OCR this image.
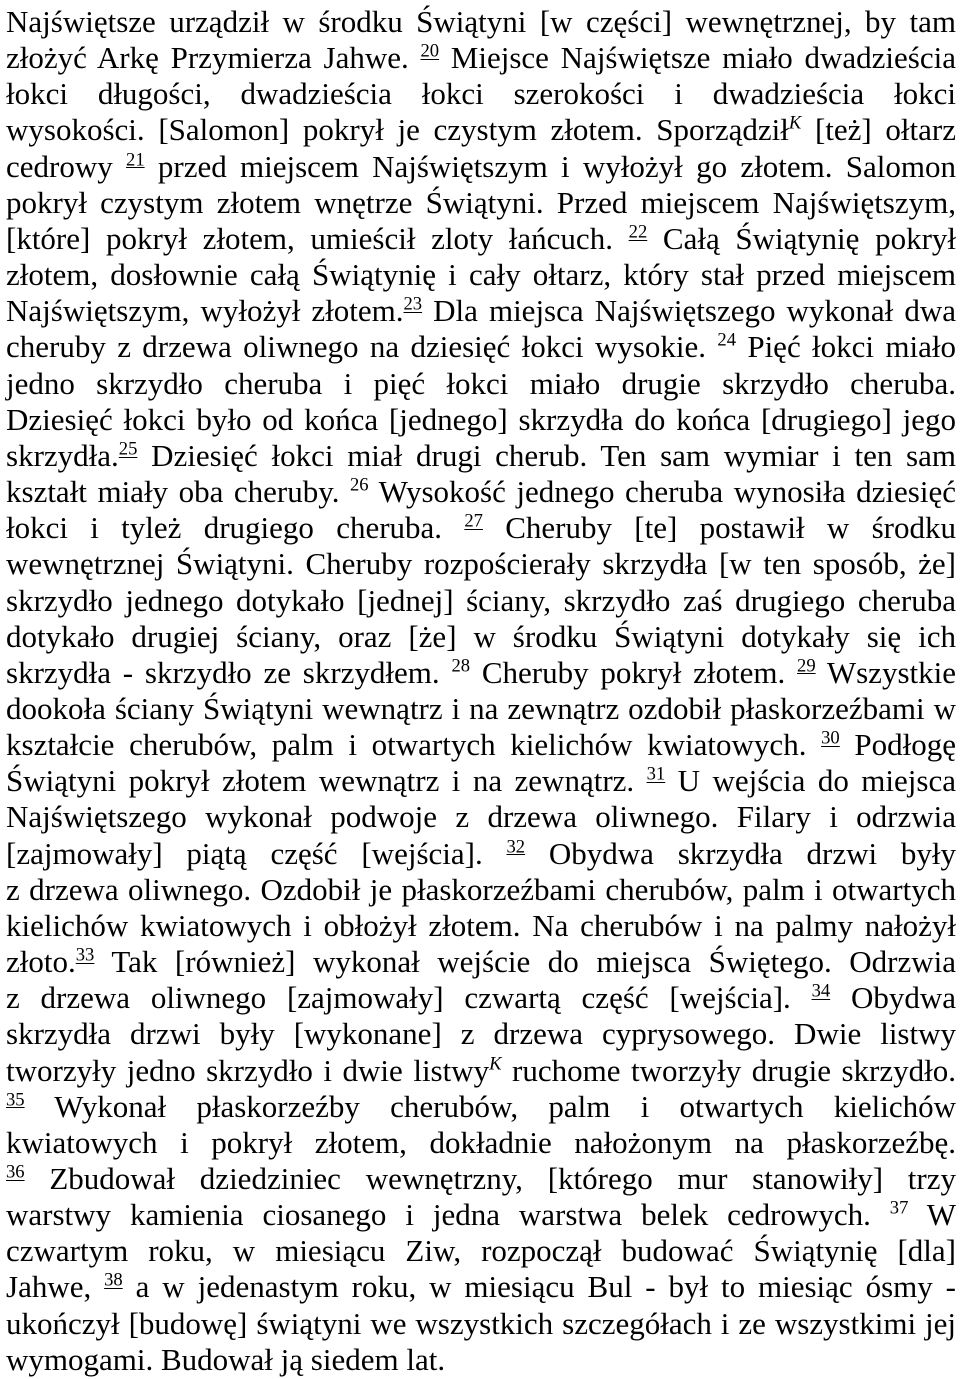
Najświętsze urządził w środku Świątyni [w części] wewnętrznej, by tam
złożyć Arkę Przymierza Jahwe. $^{20}$ Miejsce Najświętsze miało dwadzieścia
łokci długości, dwadzieścia łokci szerokości i dwadzieścia łokci
wysokości. [Salomon] pokrył je czystym złotem. Sporządził$^K$ [też] ołtarz
cedrowy $^{21}$ przed miejscem Najświętszym i wyłożył go złotem. Salomon
pokrył czystym złotem wnętrze Świątyni. Przed miejscem Najświętszym,
[które] pokrył złotem, umieścił zloty łańcuch. $^{22}$ Całą Świątynię pokrył
złotem, dosłownie całą Świątynię i cały ołtarz, który stał przed miejscem
Najświętszym, wyłożył złotem.$^{23}$ Dla miejsca Najświętszego wykonał dwa
cheruby z drzewa oliwnego na dziesięć łokci wysokie. $^{24}$ Pięć łokci miało
jedno skrzydło cheruba i pięć łokci miało drugie skrzydło cheruba.
Dziesięć łokci było od końca [jednego] skrzydła do końca [drugiego] jego
skrzydła.$^{25}$ Dziesięć łokci miał drugi cherub. Ten sam wymiar i ten sam
kształt miały oba cheruby. $^{26}$ Wysokość jednego cheruba wynosiła dziesięć
łokci i tyleż drugiego cheruba. $^{27}$ Cheruby [te] postawił w środku
wewnętrznej Świątyni. Cheruby rozpościerały skrzydła [w ten sposób, że]
skrzydło jednego dotykało [jednej] ściany, skrzydło zaś drugiego cheruba
dotykało drugiej ściany, oraz [że] w środku Świątyni dotykały się ich
skrzydła - skrzydło ze skrzydłem. $^{28}$ Cheruby pokrył złotem. $^{29}$ Wszystkie
dookoła ściany Świątyni wewnątrz i na zewnątrz ozdobił płaskorzeźbami w
kształcie cherubów, palm i otwartych kielichów kwiatowych. $^{30}$ Podłogę
Świątyni pokrył złotem wewnątrz i na zewnątrz. $^{31}$ U wejścia do miejsca
Najświętszego wykonał podwoje z drzewa oliwnego. Filary i odrzwia
[zajmowały] piątą część [wejścia]. $^{32}$ Obydwa skrzydła drzwi były
z drzewa oliwnego. Ozdobił je płaskorzeźbami cherubów, palm i otwartych
kielichów kwiatowych i obłożył złotem. Na cherubów i na palmy nałożył
złoto.$^{33}$ Tak [również] wykonał wejście do miejsca Świętego. Odrzwia
z drzewa oliwnego [zajmowały] czwartą część [wejścia]. $^{34}$ Obydwa
skrzydła drzwi były [wykonane] z drzewa cyprysowego. Dwie listwy
tworzyły jedno skrzydło i dwie listwy$^K$ ruchome tworzyły drugie skrzydło.
$^{35}$ Wykonał płaskorzeźby cherubów, palm i otwartych kielichów
kwiatowych i pokrył złotem, dokładnie nałożonym na płaskorzeźbę.
$^{36}$ Zbudował dziedziniec wewnętrzny, [którego mur stanowiły] trzy
warstwy kamienia ciosanego i jedna warstwa belek cedrowych. $^{37}$ W
czwartym roku, w miesiącu Ziw, rozpoczął budować Świątynię [dla]
Jahwe, $^{38}$ a w jedenastym roku, w miesiącu Bul - był to miesiąc ósmy -
ukończył [budowę] świątyni we wszystkich szczegółach i ze wszystkimi jej
wymogami. Budował ją siedem lat.
